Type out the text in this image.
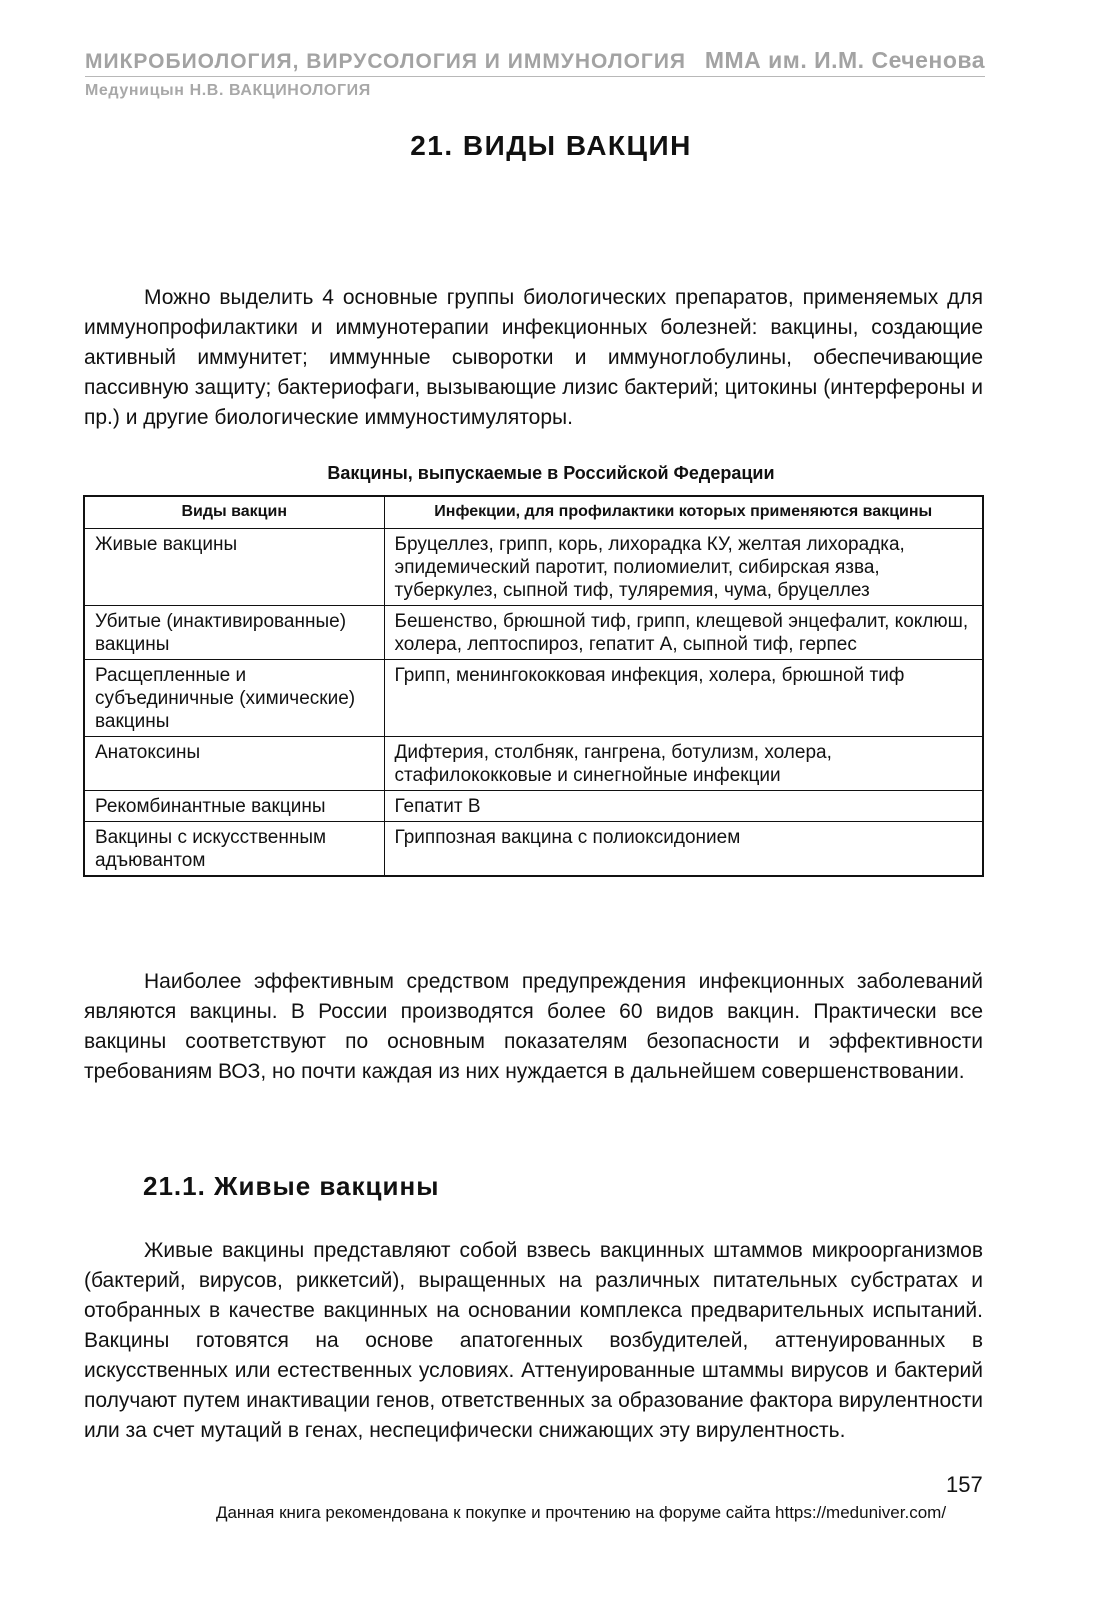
МИКРОБИОЛОГИЯ, ВИРУСОЛОГИЯ И ИММУНОЛОГИЯ ММА им. И.М. Сеченова
Медуницын Н.В. ВАКЦИНОЛОГИЯ
21. ВИДЫ ВАКЦИН

Можно выделить 4 основные группы биологических препаратов, применяемых для иммунопрофилактики и иммунотерапии инфекционных болезней: вакцины, создающие активный иммунитет; иммунные сыворотки и иммуноглобулины, обеспечивающие пассивную защиту; бактериофаги, вызывающие лизис бактерий; цитокины (интерфероны и пр.) и другие биологические иммуностимуляторы.

Вакцины, выпускаемые в Российской Федерации
Виды вакцин	Инфекции, для профилактики которых применяются вакцины
Живые вакцины	Бруцеллез, грипп, корь, лихорадка КУ, желтая лихорадка, эпидемический паротит, полиомиелит, сибирская язва, туберкулез, сыпной тиф, туляремия, чума, бруцеллез
Убитые (инактивированные) вакцины	Бешенство, брюшной тиф, грипп, клещевой энцефалит, коклюш, холера, лептоспироз, гепатит А, сыпной тиф, герпес
Расщепленные и субъединичные (химические) вакцины	Грипп, менингококковая инфекция, холера, брюшной тиф
Анатоксины	Дифтерия, столбняк, гангрена, ботулизм, холера, стафилококковые и синегнойные инфекции
Рекомбинантные вакцины	Гепатит В
Вакцины с искусственным адъювантом	Гриппозная вакцина с полиоксидонием

Наиболее эффективным средством предупреждения инфекционных заболеваний являются вакцины. В России производятся более 60 видов вакцин. Практически все вакцины соответствуют по основным показателям безопасности и эффективности требованиям ВОЗ, но почти каждая из них нуждается в дальнейшем совершенствовании.

21.1. Живые вакцины

Живые вакцины представляют собой взвесь вакцинных штаммов микроорганизмов (бактерий, вирусов, риккетсий), выращенных на различных питательных субстратах и отобранных в качестве вакцинных на основании комплекса предварительных испытаний. Вакцины готовятся на основе апатогенных возбудителей, аттенуированных в искусственных или естественных условиях. Аттенуированные штаммы вирусов и бактерий получают путем инактивации генов, ответственных за образование фактора вирулентности или за счет мутаций в генах, неспецифически снижающих эту вирулентность.

157
Данная книга рекомендована к покупке и прочтению на форуме сайта https://meduniver.com/
